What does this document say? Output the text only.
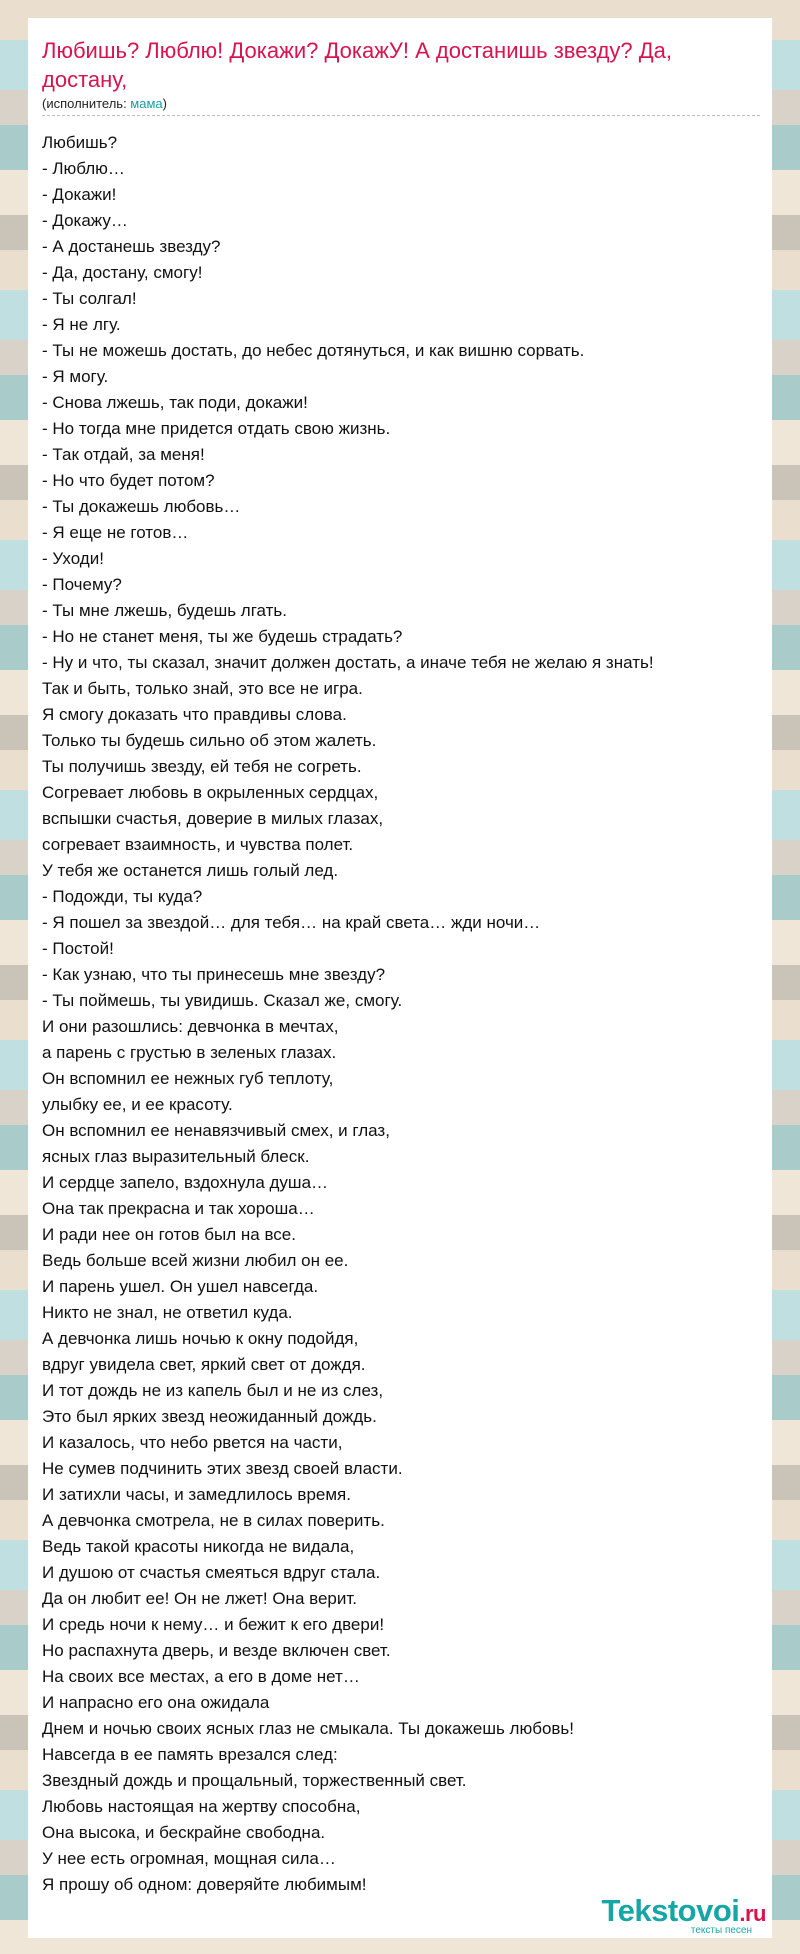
Любишь? Люблю! Докажи? ДокажУ! А достанишь звезду? Да, достану,
(исполнитель: мама)
Любишь?
- Люблю…
- Докажи!
- Докажу…
- А достанешь звезду?
- Да, достану, смогу!
- Ты солгал!
- Я не лгу.
- Ты не можешь достать, до небес дотянуться, и как вишню сорвать.
- Я могу.
- Снова лжешь, так поди, докажи!
- Но тогда мне придется отдать свою жизнь.
- Так отдай, за меня!
- Но что будет потом?
- Ты докажешь любовь…
- Я еще не готов…
- Уходи!
- Почему?
- Ты мне лжешь, будешь лгать.
- Но не станет меня, ты же будешь страдать?
- Ну и что, ты сказал, значит должен достать, а иначе тебя не желаю я знать!
Так и быть, только знай, это все не игра.
Я смогу доказать что правдивы слова.
Только ты будешь сильно об этом жалеть.
Ты получишь звезду, ей тебя не согреть.
Согревает любовь в окрыленных сердцах,
вспышки счастья, доверие в милых глазах,
согревает взаимность, и чувства полет.
У тебя же останется лишь голый лед.
- Подожди, ты куда?
- Я пошел за звездой… для тебя… на край света… жди ночи…
- Постой!
- Как узнаю, что ты принесешь мне звезду?
- Ты поймешь, ты увидишь. Сказал же, смогу.
И они разошлись: девчонка в мечтах,
а парень с грустью в зеленых глазах.
Он вспомнил ее нежных губ теплоту,
улыбку ее, и ее красоту.
Он вспомнил ее ненавязчивый смех, и глаз,
ясных глаз выразительный блеск.
И сердце запело, вздохнула душа…
Она так прекрасна и так хороша…
И ради нее он готов был на все.
Ведь больше всей жизни любил он ее.
И парень ушел. Он ушел навсегда.
Никто не знал, не ответил куда.
А девчонка лишь ночью к окну подойдя,
вдруг увидела свет, яркий свет от дождя.
И тот дождь не из капель был и не из слез,
Это был ярких звезд неожиданный дождь.
И казалось, что небо рвется на части,
Не сумев подчинить этих звезд своей власти.
И затихли часы, и замедлилось время.
А девчонка смотрела, не в силах поверить.
Ведь такой красоты никогда не видала,
И душою от счастья смеяться вдруг стала.
Да он любит ее! Он не лжет! Она верит.
И средь ночи к нему… и бежит к его двери!
Но распахнута дверь, и везде включен свет.
На своих все местах, а его в доме нет…
И напрасно его она ожидала
Днем и ночью своих ясных глаз не смыкала. Ты докажешь любовь!
Навсегда в ее память врезался след:
Звездный дождь и прощальный, торжественный свет.
Любовь настоящая на жертву способна,
Она высока, и бескрайне свободна.
У нее есть огромная, мощная сила…
Я прошу об одном: доверяйте любимым!
Tekstovoi.ru
тексты песен
